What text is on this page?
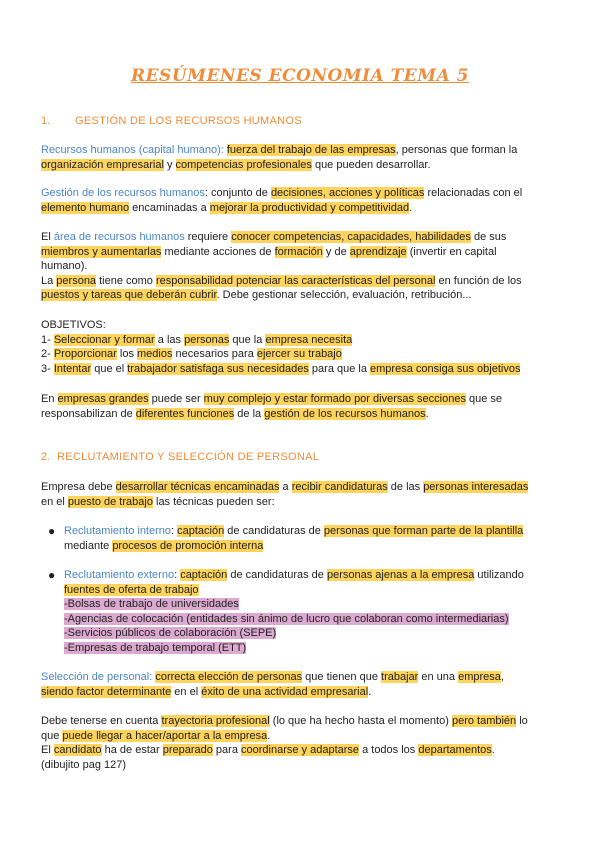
RESÚMENES ECONOMIA TEMA 5
1. GESTIÓN DE LOS RECURSOS HUMANOS
Recursos humanos (capital humano): fuerza del trabajo de las empresas, personas que forman la
organización empresarial y competencias profesionales que pueden desarrollar.
Gestión de los recursos humanos: conjunto de decisiones, acciones y políticas relacionadas con el
elemento humano encaminadas a mejorar la productividad y competitividad.
El área de recursos humanos requiere conocer competencias, capacidades, habilidades de sus
miembros y aumentarlas mediante acciones de formación y de aprendizaje (invertir en capital
humano).
La persona tiene como responsabilidad potenciar las características del personal en función de los
puestos y tareas que deberán cubrir. Debe gestionar selección, evaluación, retribución...
OBJETIVOS:
1- Seleccionar y formar a las personas que la empresa necesita
2- Proporcionar los medios necesarios para ejercer su trabajo
3- Intentar que el trabajador satisfaga sus necesidades para que la empresa consiga sus objetivos
En empresas grandes puede ser muy complejo y estar formado por diversas secciones que se
responsabilizan de diferentes funciones de la gestión de los recursos humanos.
2. RECLUTAMIENTO Y SELECCIÓN DE PERSONAL
Empresa debe desarrollar técnicas encaminadas a recibir candidaturas de las personas interesadas
en el puesto de trabajo las técnicas pueden ser:
● Reclutamiento interno: captación de candidaturas de personas que forman parte de la plantilla
mediante procesos de promoción interna
● Reclutamiento externo: captación de candidaturas de personas ajenas a la empresa utilizando
fuentes de oferta de trabajo
-Bolsas de trabajo de universidades
-Agencias de colocación (entidades sin ánimo de lucro que colaboran como intermediarias)
-Servicios públicos de colaboración (SEPE)
-Empresas de trabajo temporal (ETT)
Selección de personal: correcta elección de personas que tienen que trabajar en una empresa,
siendo factor determinante en el éxito de una actividad empresarial.
Debe tenerse en cuenta trayectoria profesional (lo que ha hecho hasta el momento) pero también lo
que puede llegar a hacer/aportar a la empresa.
El candidato ha de estar preparado para coordinarse y adaptarse a todos los departamentos.
(dibujito pag 127)
